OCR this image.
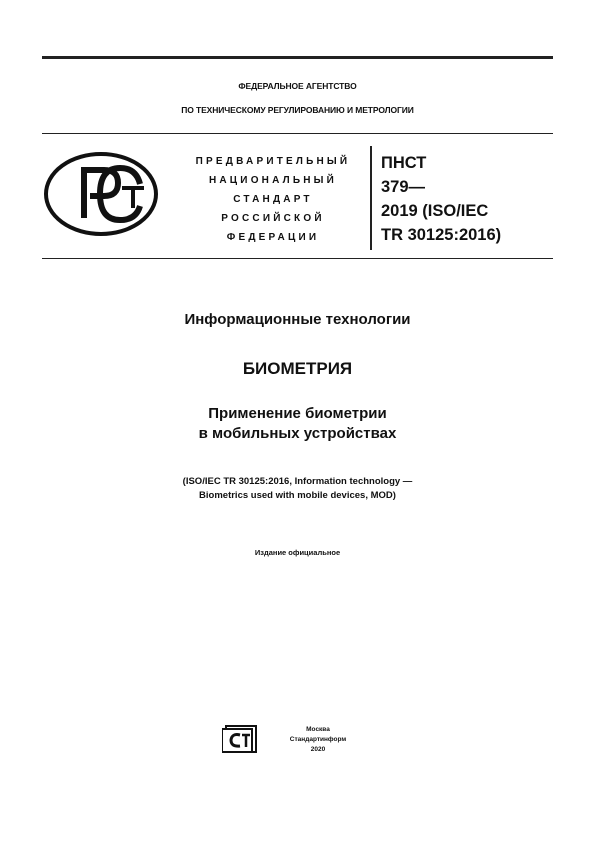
ФЕДЕРАЛЬНОЕ АГЕНТСТВО
ПО ТЕХНИЧЕСКОМУ РЕГУЛИРОВАНИЮ И МЕТРОЛОГИИ
ПРЕДВАРИТЕЛЬНЫЙ
НАЦИОНАЛЬНЫЙ
СТАНДАРТ
РОССИЙСКОЙ
ФЕДЕРАЦИИ
ПНСТ
379—
2019 (ISO/IEC
TR 30125:2016)
Информационные технологии
БИОМЕТРИЯ
Применение биометрии
в мобильных устройствах
(ISO/IEC TR 30125:2016, Information technology —
Biometrics used with mobile devices, MOD)
Издание официальное
Москва
Стандартинформ
2020
